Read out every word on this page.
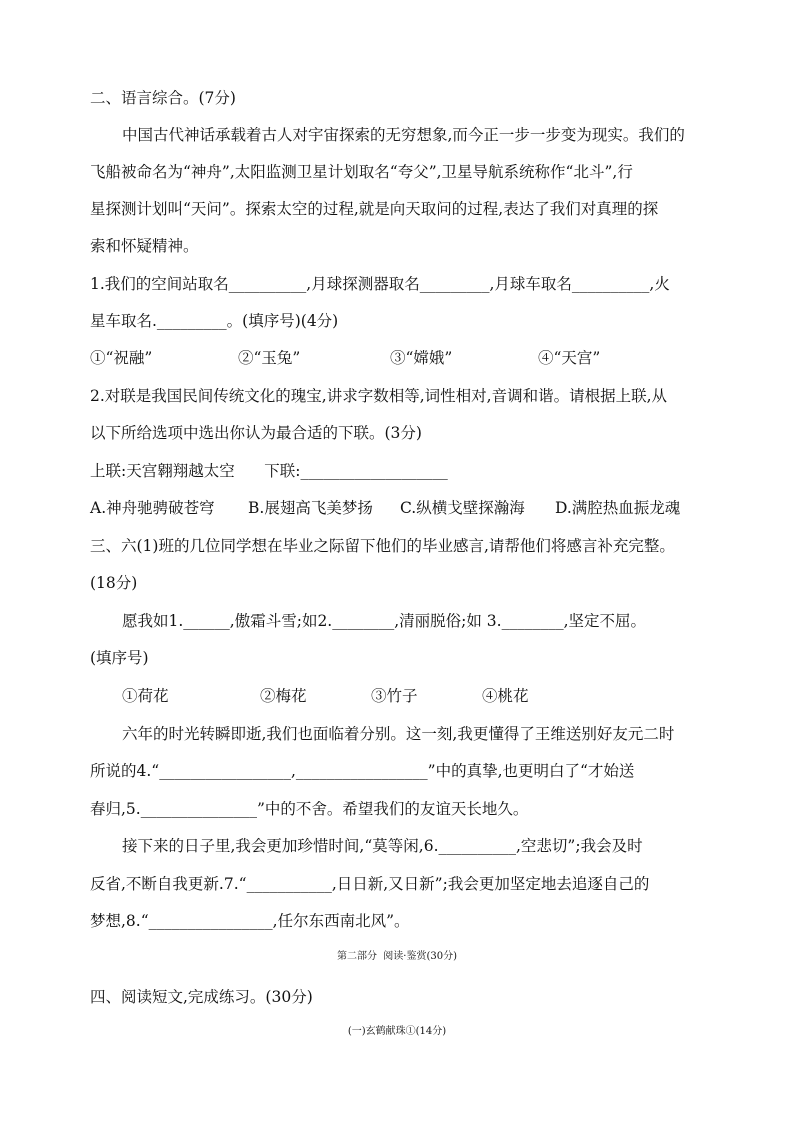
二、语言综合。(7分)
中国古代神话承载着古人对宇宙探索的无穷想象,而今正一步一步变为现实。我们的
飞船被命名为“神舟”,太阳监测卫星计划取名“夸父”,卫星导航系统称作“北斗”,行
星探测计划叫“天问”。探索太空的过程,就是向天取问的过程,表达了我们对真理的探
索和怀疑精神。
1.我们的空间站取名__________,月球探测器取名_________,月球车取名__________,火
星车取名._________。(填序号)(4分)
①“祝融”	②“玉兔”	③“嫦娥”	④“天宫”
2.对联是我国民间传统文化的瑰宝,讲求字数相等,词性相对,音调和谐。请根据上联,从
以下所给选项中选出你认为最合适的下联。(3分)
上联:天宫翱翔越太空      下联:___________________
A.神舟驰骋破苍穹 B.展翅高飞美梦扬 C.纵横戈壁探瀚海 D.满腔热血振龙魂
三、六(1)班的几位同学想在毕业之际留下他们的毕业感言,请帮他们将感言补充完整。
(18分)
愿我如1.______,傲霜斗雪;如2.________,清丽脱俗;如 3.________,坚定不屈。
(填序号)
①荷花	②梅花	③竹子	④桃花
六年的时光转瞬即逝,我们也面临着分别。这一刻,我更懂得了王维送别好友元二时
所说的4.“_________________,_________________”中的真挚,也更明白了“才始送
春归,5._______________”中的不舍。希望我们的友谊天长地久。
接下来的日子里,我会更加珍惜时间,“莫等闲,6.__________,空悲切”;我会及时
反省,不断自我更新.7.“___________,日日新,又日新”;我会更加坚定地去追逐自己的
梦想,8.“________________,任尔东西南北风”。
第二部分  阅读·鉴赏(30分)
四、阅读短文,完成练习。(30分)
(一)玄鹤献珠①(14分)
